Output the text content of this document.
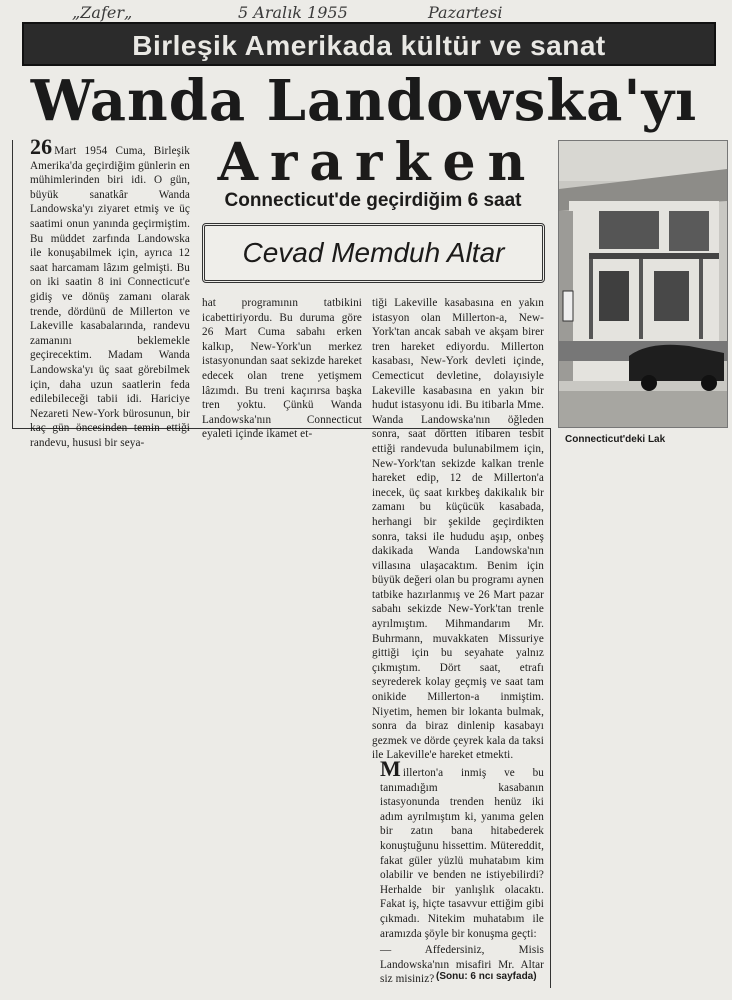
„Zafer„	5 Aralık 1955	Pazartesi
Birleşik Amerikada kültür ve sanat
Wanda Landowska'yı
Ararken
Connecticut'de geçirdiğim 6 saat
Cevad Memduh Altar

26 Mart 1954 Cuma, Birleşik Amerika'da geçirdiğim günlerin en mühimlerinden biri idi. O gün, büyük sanatkâr Wanda Landowska'yı ziyaret etmiş ve üç saatimi onun yanında geçirmiştim. Bu müddet zarfında Landowska ile konuşabilmek için, ayrıca 12 saat harcamam lâzım gelmişti. Bu on iki saatin 8 ini Connecticut'e gidiş ve dönüş zamanı olarak trende, dördünü de Millerton ve Lakeville kasabalarında, randevu zamanını beklemekle geçirecektim. Madam Wanda Landowska'yı üç saat görebilmek için, daha uzun saatlerin feda edilebileceği tabii idi. Hariciye Nezareti New-York bürosunun, bir kaç gün öncesinden temin ettiği randevu, hususi bir seya-

hat programının tatbikini icabettiriyordu. Bu duruma göre 26 Mart Cuma sabahı erken kalkıp, New-York'un merkez istasyonundan saat sekizde hareket edecek olan trene yetişmem lâzımdı. Bu treni kaçırırsa başka tren yoktu. Çünkü Wanda Landowska'nın Connecticut eyaleti içinde ikamet et-

tiği Lakeville kasabasına en yakın istasyon olan Millerton-a, New-York'tan ancak sabah ve akşam birer tren hareket ediyordu. Millerton kasabası, New-York devleti içinde, Cemecticut devletine, dolayısiyle Lakeville kasabasına en yakın bir hudut istasyonu idi. Bu itibarla Mme. Wanda Landowska'nın öğleden sonra, saat dörtten itibaren tesbit ettiği randevuda bulunabilmem için, New-York'tan sekizde kalkan trenle hareket edip, 12 de Millerton'a inecek, üç saat kırkbeş dakikalık bir zamanı bu küçücük kasabada, herhangi bir şekilde geçirdikten sonra, taksi ile hududu aşıp, onbeş dakikada Wanda Landowska'nın villasına ulaşacaktım. Benim için büyük değeri olan bu programı aynen tatbike hazırlanmış ve 26 Mart pazar sabahı sekizde New-York'tan trenle ayrılmıştım. Mihmandarım Mr. Buhrmann, muvakkaten Missuriye gittiği için bu seyahate yalnız çıkmıştım. Dört saat, etrafı seyrederek kolay geçmiş ve saat tam onikide Millerton-a inmiştim. Niyetim, hemen bir lokanta bulmak, sonra da biraz dinlenip kasabayı gezmek ve dörde çeyrek kala da taksi ile Lakeville'e hareket etmekti.

Millerton'a inmiş ve bu tanımadığım kasabanın istasyonunda trenden henüz iki adım ayrılmıştım ki, yanıma gelen bir zatın bana hitabederek konuştuğunu hissettim. Mütereddit, fakat güler yüzlü muhatabım kim olabilir ve benden ne istiyebilirdi? Herhalde bir yanlışlık olacaktı. Fakat iş, hiçte tasavvur ettiğim gibi çıkmadı. Nitekim muhatabım ile aramızda şöyle bir konuşma geçti:

— Affedersiniz, Misis Landowska'nın misafiri Mr. Altar siz misiniz? (Sonu: 6 ncı sayfada)
Connecticut'deki Lak
